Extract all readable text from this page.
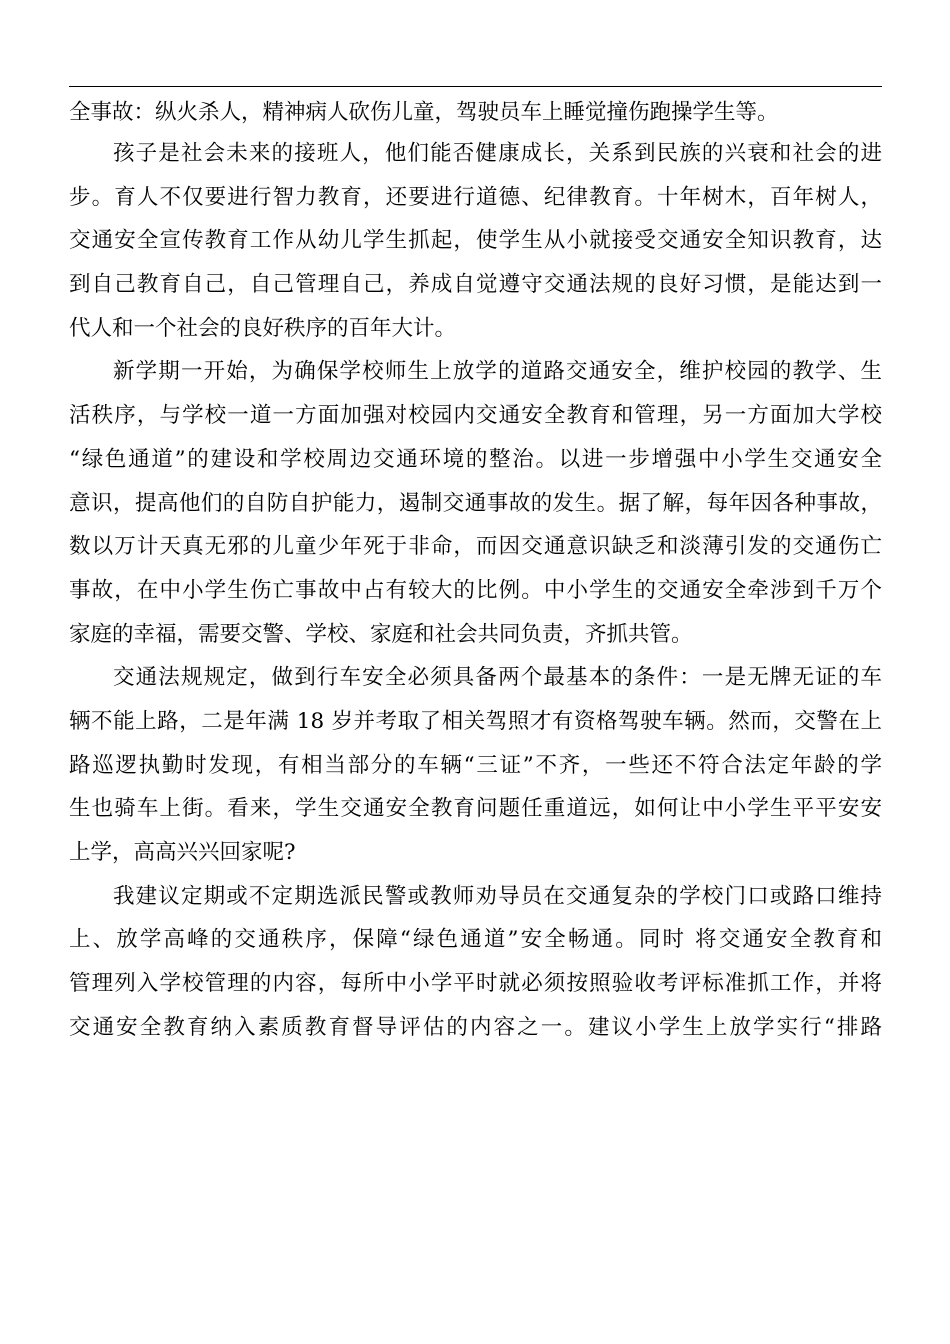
全事故：纵火杀人，精神病人砍伤儿童，驾驶员车上睡觉撞伤跑操学生等。

孩子是社会未来的接班人，他们能否健康成长，关系到民族的兴衰和社会的进

步。育人不仅要进行智力教育，还要进行道德、纪律教育。十年树木，百年树人，

交通安全宣传教育工作从幼儿学生抓起，使学生从小就接受交通安全知识教育，达

到自己教育自己，自己管理自己，养成自觉遵守交通法规的良好习惯，是能达到一

代人和一个社会的良好秩序的百年大计。

新学期一开始，为确保学校师生上放学的道路交通安全，维护校园的教学、生

活秩序，与学校一道一方面加强对校园内交通安全教育和管理，另一方面加大学校

“绿色通道”的建设和学校周边交通环境的整治。以进一步增强中小学生交通安全

意识，提高他们的自防自护能力，遏制交通事故的发生。据了解，每年因各种事故，

数以万计天真无邪的儿童少年死于非命，而因交通意识缺乏和淡薄引发的交通伤亡

事故，在中小学生伤亡事故中占有较大的比例。中小学生的交通安全牵涉到千万个

家庭的幸福，需要交警、学校、家庭和社会共同负责，齐抓共管。

交通法规规定，做到行车安全必须具备两个最基本的条件：一是无牌无证的车

辆不能上路，二是年满 18 岁并考取了相关驾照才有资格驾驶车辆。然而，交警在上

路巡逻执勤时发现，有相当部分的车辆“三证”不齐，一些还不符合法定年龄的学

生也骑车上街。看来，学生交通安全教育问题任重道远，如何让中小学生平平安安

上学，高高兴兴回家呢?

我建议定期或不定期选派民警或教师劝导员在交通复杂的学校门口或路口维持

上、放学高峰的交通秩序，保障“绿色通道”安全畅通。同时 将交通安全教育和

管理列入学校管理的内容，每所中小学平时就必须按照验收考评标准抓工作，并将

交通安全教育纳入素质教育督导评估的内容之一。建议小学生上放学实行“排路
